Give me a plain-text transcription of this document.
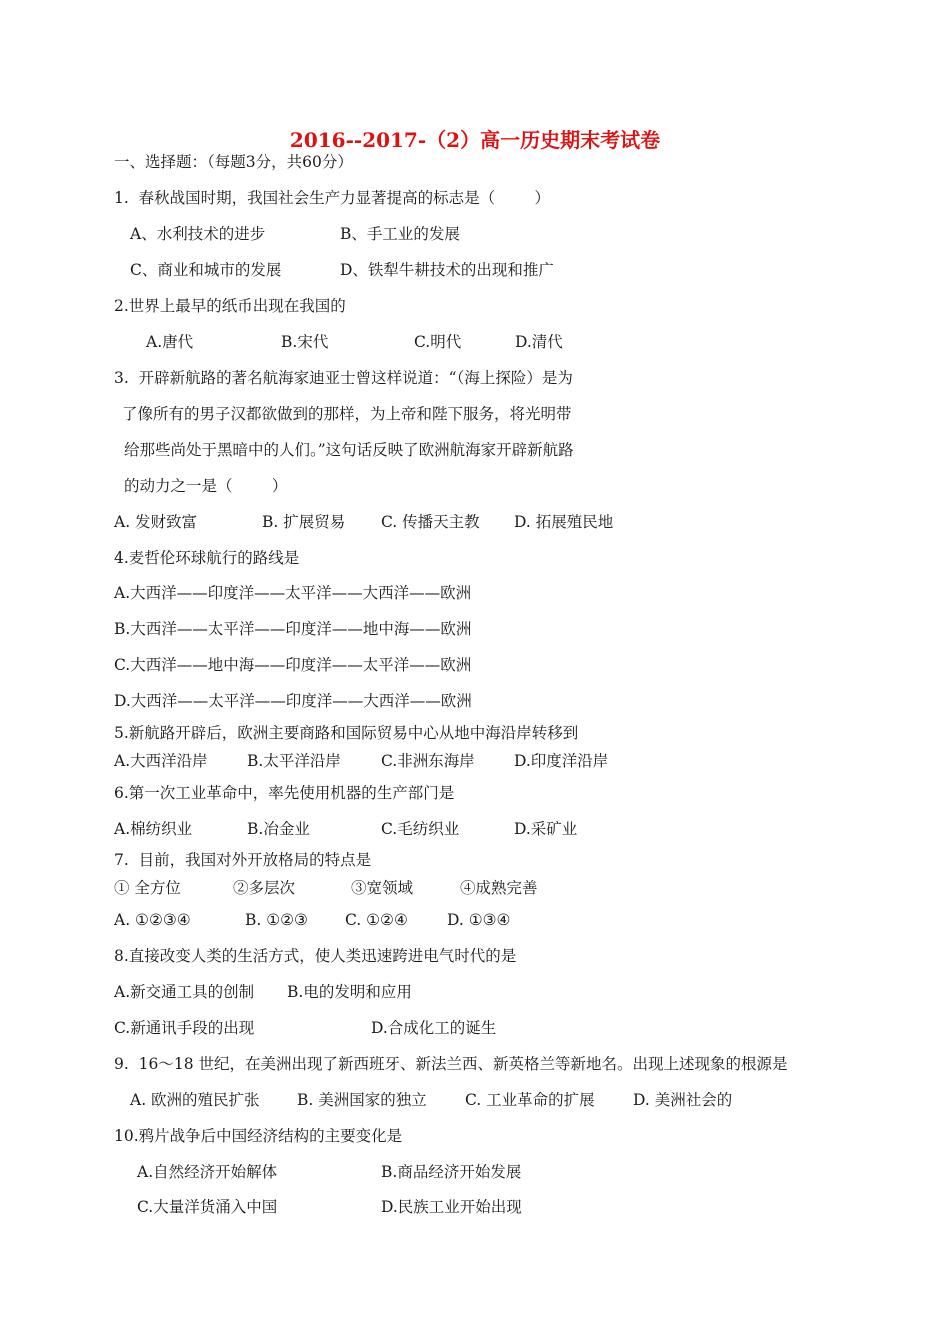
2016--2017-（2）高一历史期末考试卷
一、选择题：（每题3分，共60分）
1.  春秋战国时期，我国社会生产力显著提高的标志是（        ）
A、水利技术的进步	B、手工业的发展
C、商业和城市的发展	D、铁犁牛耕技术的出现和推广
2.世界上最早的纸币出现在我国的
A.唐代	B.宋代	C.明代	D.清代
3.  开辟新航路的著名航海家迪亚士曾这样说道：“（海上探险）是为
了像所有的男子汉都欲做到的那样，为上帝和陛下服务，将光明带
给那些尚处于黑暗中的人们。”这句话反映了欧洲航海家开辟新航路
的动力之一是（        ）
A. 发财致富	B. 扩展贸易 C. 传播天主教 D. 拓展殖民地
4.麦哲伦环球航行的路线是
A.大西洋——印度洋——太平洋——大西洋——欧洲
B.大西洋——太平洋——印度洋——地中海——欧洲
C.大西洋——地中海——印度洋——太平洋——欧洲
D.大西洋——太平洋——印度洋——大西洋——欧洲
5.新航路开辟后，欧洲主要商路和国际贸易中心从地中海沿岸转移到
A.大西洋沿岸	B.太平洋沿岸	C.非洲东海岸	D.印度洋沿岸
6.第一次工业革命中，率先使用机器的生产部门是
A.棉纺织业	B.冶金业	C.毛纺织业	D.采矿业
7.  目前，我国对外开放格局的特点是
① 全方位	②多层次	③宽领域	④成熟完善
A. ①②③④	B. ①②③ C. ①②④	D. ①③④
8.直接改变人类的生活方式，使人类迅速跨进电气时代的是
A.新交通工具的创制 B.电的发明和应用
C.新通讯手段的出现	D.合成化工的诞生
9.  16～18 世纪，在美洲出现了新西班牙、新法兰西、新英格兰等新地名。出现上述现象的根源是
A. 欧洲的殖民扩张 B. 美洲国家的独立 C. 工业革命的扩展 D. 美洲社会的
10.鸦片战争后中国经济结构的主要变化是
A.自然经济开始解体	B.商品经济开始发展
C.大量洋货涌入中国	D.民族工业开始出现
